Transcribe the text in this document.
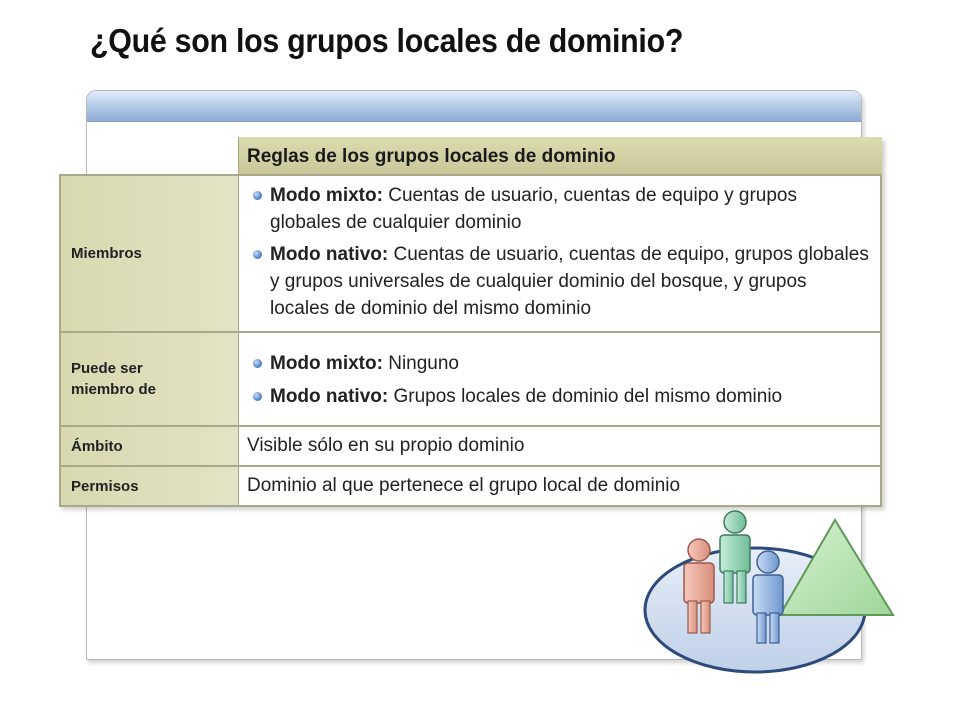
¿Qué son los grupos locales de dominio?
Reglas de los grupos locales de dominio
Miembros
Modo mixto: Cuentas de usuario, cuentas de equipo y grupos globales de cualquier dominio
Modo nativo: Cuentas de usuario, cuentas de equipo, grupos globales y grupos universales de cualquier dominio del bosque, y grupos locales de dominio del mismo dominio
Puede ser miembro de
Modo mixto: Ninguno
Modo nativo: Grupos locales de dominio del mismo dominio
Ámbito	Visible sólo en su propio dominio
Permisos	Dominio al que pertenece el grupo local de dominio
